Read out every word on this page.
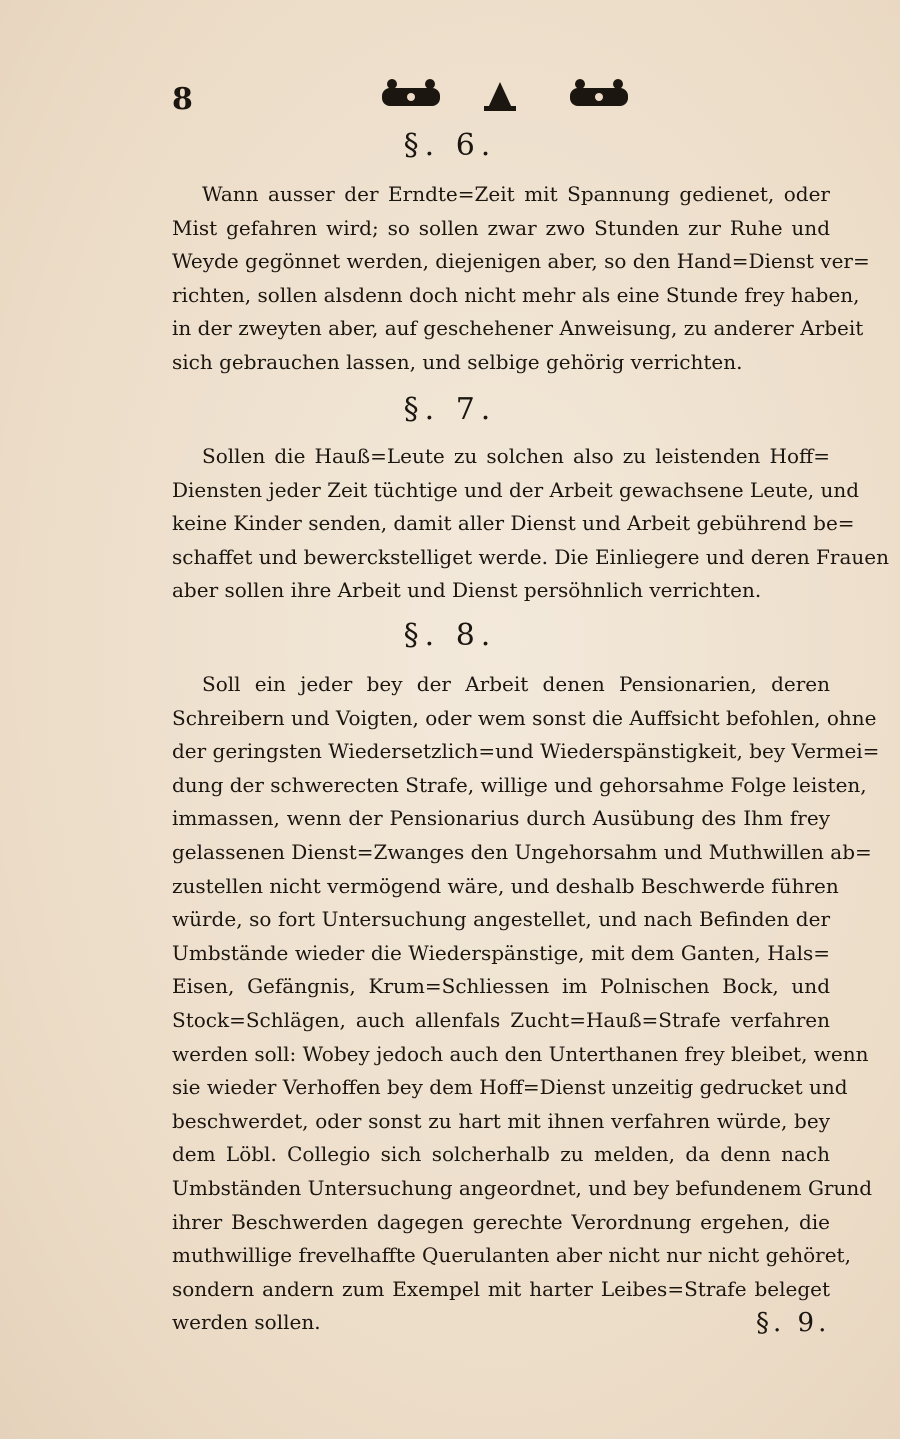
8
§. 6.
Wann ausser der Erndte=Zeit mit Spannung gedienet, oder
Mist gefahren wird; so sollen zwar zwo Stunden zur Ruhe und
Weyde gegönnet werden, diejenigen aber, so den Hand=Dienst ver=
richten, sollen alsdenn doch nicht mehr als eine Stunde frey haben,
in der zweyten aber, auf geschehener Anweisung, zu anderer Arbeit
sich gebrauchen lassen, und selbige gehörig verrichten.
§. 7.
Sollen die Hauß=Leute zu solchen also zu leistenden Hoff=
Diensten jeder Zeit tüchtige und der Arbeit gewachsene Leute, und
keine Kinder senden, damit aller Dienst und Arbeit gebührend be=
schaffet und bewerckstelliget werde. Die Einliegere und deren Frauen
aber sollen ihre Arbeit und Dienst persöhnlich verrichten.
§. 8.
Soll ein jeder bey der Arbeit denen Pensionarien, deren
Schreibern und Voigten, oder wem sonst die Auffsicht befohlen, ohne
der geringsten Wiedersetzlich=und Wiederspänstigkeit, bey Vermei=
dung der schwerесten Strafe, willige und gehorsahme Folge leisten,
immassen, wenn der Pensionarius durch Ausübung des Ihm frey
gelassenen Dienst=Zwanges den Ungehorsahm und Muthwillen ab=
zustellen nicht vermögend wäre, und deshalb Beschwerde führen
würde, so fort Untersuchung angestellet, und nach Befinden der
Umbstände wieder die Wiederspänstige, mit dem Ganten, Hals=
Eisen, Gefängnis, Krum=Schliessen im Polnischen Bock, und
Stock=Schlägen, auch allenfals Zucht=Hauß=Strafe verfahren
werden soll: Wobey jedoch auch den Unterthanen frey bleibet, wenn
sie wieder Verhoffen bey dem Hoff=Dienst unzeitig gedrucket und
beschwerdet, oder sonst zu hart mit ihnen verfahren würde, bey
dem Löbl. Collegio sich solcherhalb zu melden, da denn nach
Umbständen Untersuchung angeordnet, und bey befundenem Grund
ihrer Beschwerden dagegen gerechte Verordnung ergehen, die
muthwillige frevelhaffte Querulanten aber nicht nur nicht gehöret,
sondern andern zum Exempel mit harter Leibes=Strafe beleget
werden sollen.	§. 9.
